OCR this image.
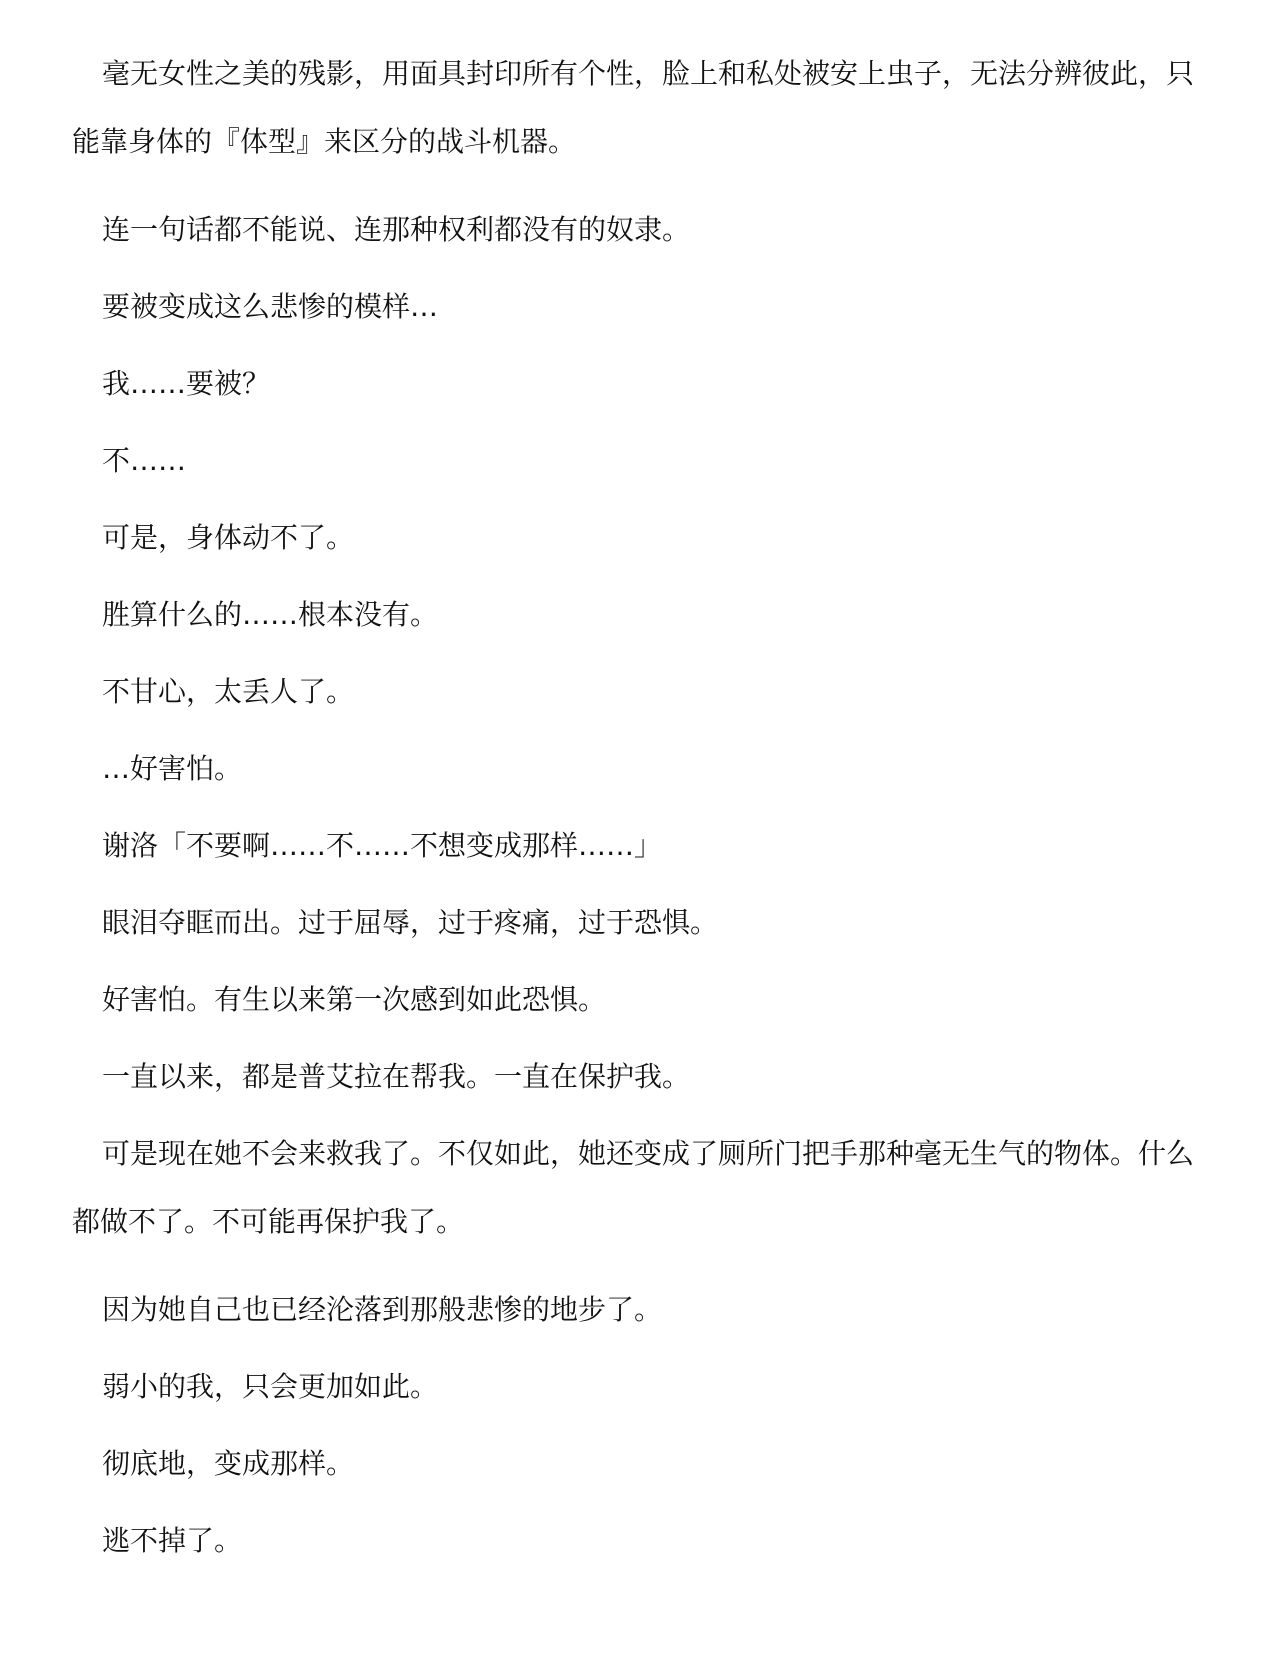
毫无女性之美的残影，用面具封印所有个性，脸上和私处被安上虫子，无法分辨彼此，只能靠身体的『体型』来区分的战斗机器。

连一句话都不能说、连那种权利都没有的奴隶。

要被变成这么悲惨的模样…

我……要被？

不……

可是，身体动不了。

胜算什么的……根本没有。

不甘心，太丢人了。

…好害怕。

谢洛「不要啊……不……不想变成那样……」

眼泪夺眶而出。过于屈辱，过于疼痛，过于恐惧。

好害怕。有生以来第一次感到如此恐惧。

一直以来，都是普艾拉在帮我。一直在保护我。

可是现在她不会来救我了。不仅如此，她还变成了厕所门把手那种毫无生气的物体。什么都做不了。不可能再保护我了。

因为她自己也已经沦落到那般悲惨的地步了。

弱小的我，只会更加如此。

彻底地，变成那样。

逃不掉了。
